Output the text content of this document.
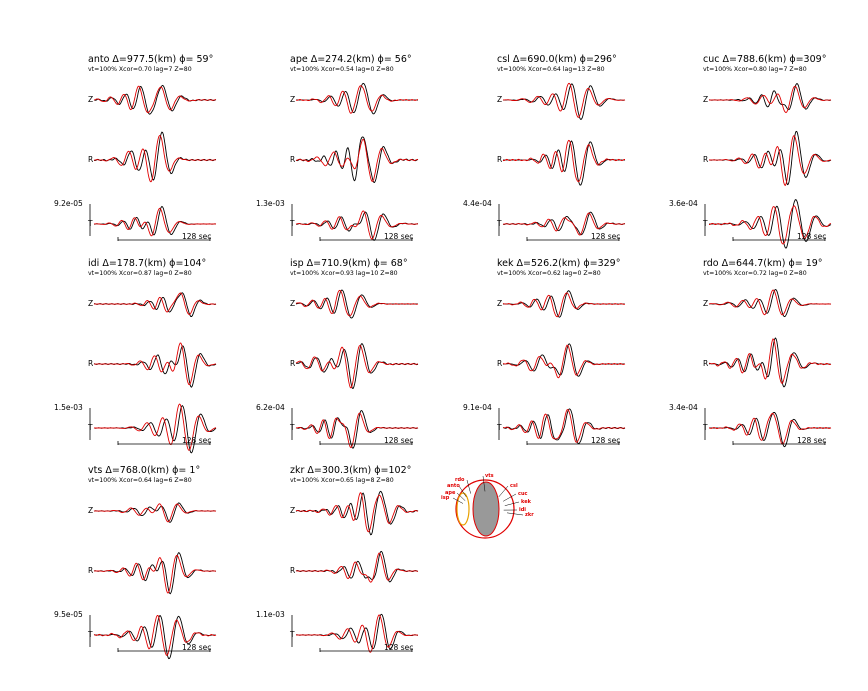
anto Δ=977.5(km) ϕ= 59°
vt=100% Xcor=0.70 lag=7 Z=80
Z
R
T
9.2e-05
128 sec
ape Δ=274.2(km) ϕ= 56°
vt=100% Xcor=0.54 lag=0 Z=80
Z
R
T
1.3e-03
128 sec
csl Δ=690.0(km) ϕ=296°
vt=100% Xcor=0.64 lag=13 Z=80
Z
R
T
4.4e-04
128 sec
cuc Δ=788.6(km) ϕ=309°
vt=100% Xcor=0.80 lag=7 Z=80
Z
R
T
3.6e-04
128 sec
idi Δ=178.7(km) ϕ=104°
vt=100% Xcor=0.87 lag=0 Z=80
Z
R
T
1.5e-03
128 sec
isp Δ=710.9(km) ϕ= 68°
vt=100% Xcor=0.93 lag=10 Z=80
Z
R
T
6.2e-04
128 sec
kek Δ=526.2(km) ϕ=329°
vt=100% Xcor=0.62 lag=0 Z=80
Z
R
T
9.1e-04
128 sec
rdo Δ=644.7(km) ϕ= 19°
vt=100% Xcor=0.72 lag=0 Z=80
Z
R
T
3.4e-04
128 sec
vts Δ=768.0(km) ϕ= 1°
vt=100% Xcor=0.64 lag=6 Z=80
Z
R
T
9.5e-05
128 sec
zkr Δ=300.3(km) ϕ=102°
vt=100% Xcor=0.65 lag=8 Z=80
Z
R
T
1.1e-03
128 sec
anto
ape
isp
rdo
vts
csl
cuc
kek
idi
zkr
